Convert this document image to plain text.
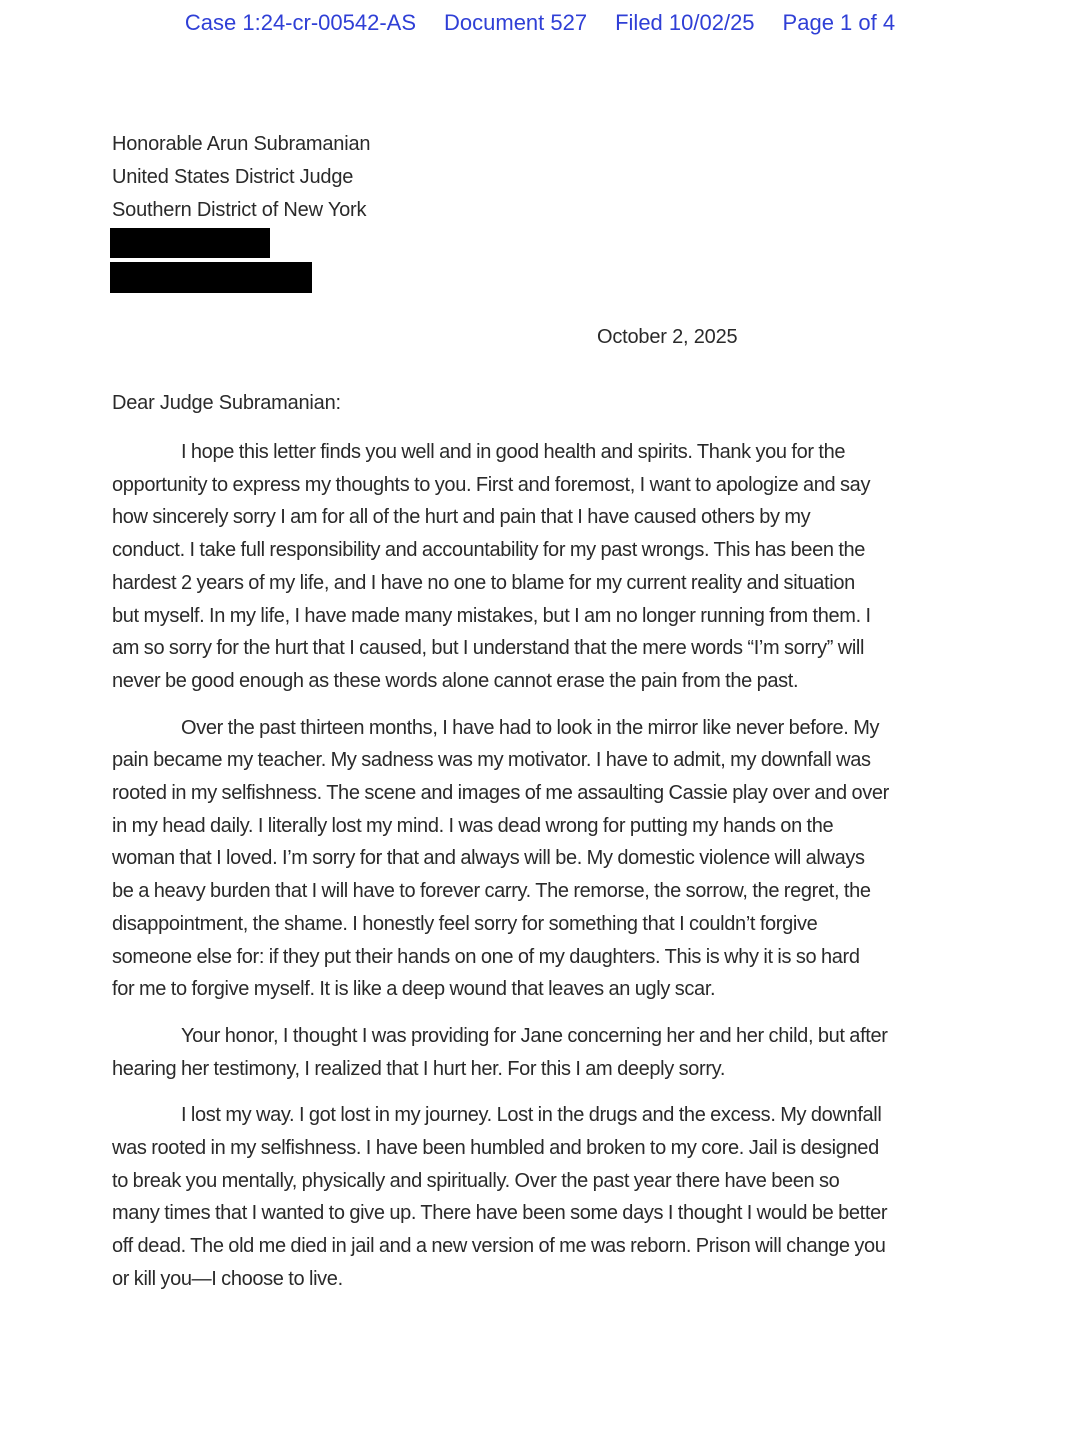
Case 1:24-cr-00542-AS Document 527 Filed 10/02/25 Page 1 of 4
Honorable Arun Subramanian
United States District Judge
Southern District of New York
October 2, 2025
Dear Judge Subramanian:
I hope this letter finds you well and in good health and spirits. Thank you for the
opportunity to express my thoughts to you. First and foremost, I want to apologize and say
how sincerely sorry I am for all of the hurt and pain that I have caused others by my
conduct. I take full responsibility and accountability for my past wrongs. This has been the
hardest 2 years of my life, and I have no one to blame for my current reality and situation
but myself. In my life, I have made many mistakes, but I am no longer running from them. I
am so sorry for the hurt that I caused, but I understand that the mere words “I’m sorry” will
never be good enough as these words alone cannot erase the pain from the past.
Over the past thirteen months, I have had to look in the mirror like never before. My
pain became my teacher. My sadness was my motivator. I have to admit, my downfall was
rooted in my selfishness. The scene and images of me assaulting Cassie play over and over
in my head daily. I literally lost my mind. I was dead wrong for putting my hands on the
woman that I loved. I’m sorry for that and always will be. My domestic violence will always
be a heavy burden that I will have to forever carry. The remorse, the sorrow, the regret, the
disappointment, the shame. I honestly feel sorry for something that I couldn’t forgive
someone else for: if they put their hands on one of my daughters. This is why it is so hard
for me to forgive myself. It is like a deep wound that leaves an ugly scar.
Your honor, I thought I was providing for Jane concerning her and her child, but after
hearing her testimony, I realized that I hurt her. For this I am deeply sorry.
I lost my way. I got lost in my journey. Lost in the drugs and the excess. My downfall
was rooted in my selfishness. I have been humbled and broken to my core. Jail is designed
to break you mentally, physically and spiritually. Over the past year there have been so
many times that I wanted to give up. There have been some days I thought I would be better
off dead. The old me died in jail and a new version of me was reborn. Prison will change you
or kill you—I choose to live.
